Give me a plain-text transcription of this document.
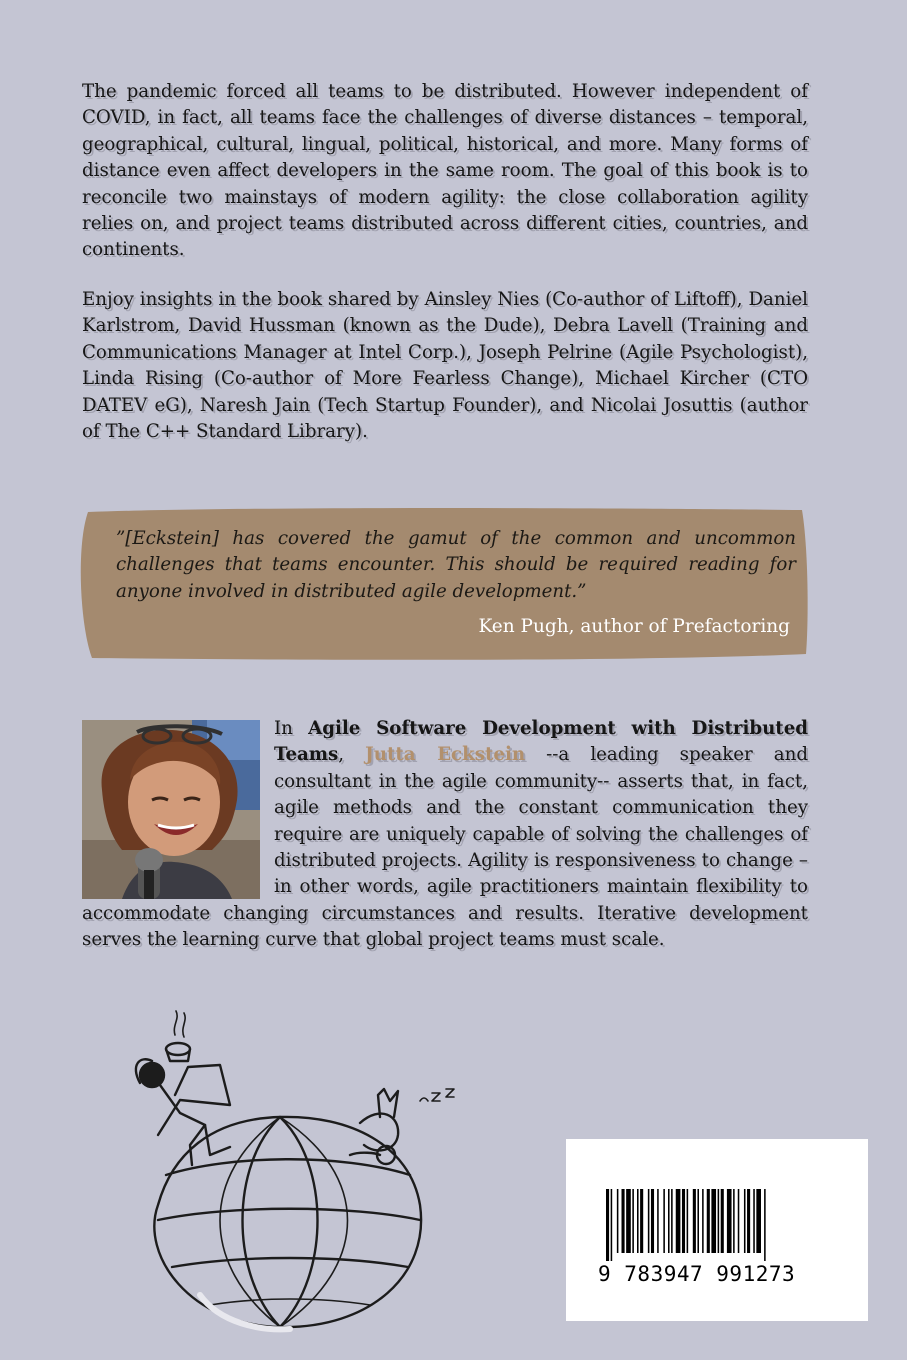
The pandemic forced all teams to be distributed. However independent of COVID, in fact, all teams face the challenges of diverse distances – temporal, geographical, cultural, lingual, political, historical, and more. Many forms of distance even affect developers in the same room. The goal of this book is to reconcile two mainstays of modern agility: the close collaboration agility relies on, and project teams distributed across different cities, countries, and continents.

Enjoy insights in the book shared by Ainsley Nies (Co-author of Liftoff), Daniel Karlstrom, David Hussman (known as the Dude), Debra Lavell (Training and Communications Manager at Intel Corp.), Joseph Pelrine (Agile Psychologist), Linda Rising (Co-author of More Fearless Change), Michael Kircher (CTO DATEV eG), Naresh Jain (Tech Startup Founder), and Nicolai Josuttis (author of The C++ Standard Library).

”[Eckstein] has covered the gamut of the common and uncommon challenges that teams encounter. This should be required reading for anyone involved in distributed agile development.”

Ken Pugh, author of Prefactoring

In Agile Software Development with Distributed Teams, Jutta Eckstein --a leading speaker and consultant in the agile community-- asserts that, in fact, agile methods and the constant communication they require are uniquely capable of solving the challenges of distributed projects. Agility is responsiveness to change – in other words, agile practitioners maintain flexibility to accommodate changing circumstances and results. Iterative development serves the learning curve that global project teams must scale.

9 783947 991273
